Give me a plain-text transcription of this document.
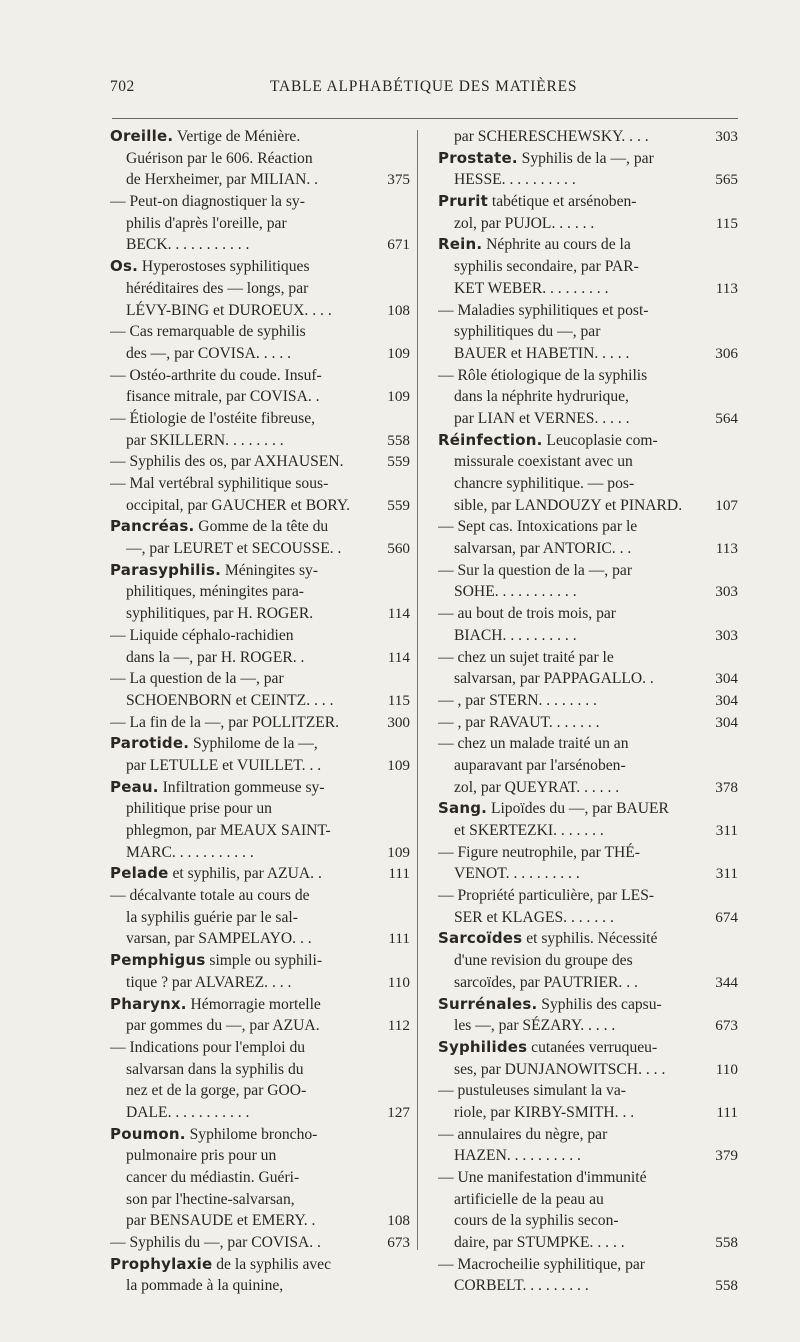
702	TABLE ALPHABÉTIQUE DES MATIÈRES
Oreille. Vertige de Ménière.
Guérison par le 606. Réaction
de Herxheimer, par MILIAN. .	375
— Peut-on diagnostiquer la sy-
philis d'après l'oreille, par
BECK. . . . . . . . . . .	671
Os. Hyperostoses syphilitiques
héréditaires des — longs, par
LÉVY-BING et DUROEUX. . . .	108
— Cas remarquable de syphilis
des —, par COVISA. . . . .	109
— Ostéo-arthrite du coude. Insuf-
fisance mitrale, par COVISA. .	109
— Étiologie de l'ostéite fibreuse,
par SKILLERN. . . . . . . .	558
— Syphilis des os, par AXHAUSEN.	559
— Mal vertébral syphilitique sous-
occipital, par GAUCHER et BORY.	559
Pancréas. Gomme de la tête du
—, par LEURET et SECOUSSE. .	560
Parasyphilis. Méningites sy-
philitiques, méningites para-
syphilitiques, par H. ROGER.	114
— Liquide céphalo-rachidien
dans la —, par H. ROGER. .	114
— La question de la —, par
SCHOENBORN et CEINTZ. . . .	115
— La fin de la —, par POLLITZER.	300
Parotide. Syphilome de la —,
par LETULLE et VUILLET. . .	109
Peau. Infiltration gommeuse sy-
philitique prise pour un
phlegmon, par MEAUX SAINT-
MARC. . . . . . . . . . .	109
Pelade et syphilis, par AZUA. .	111
— décalvante totale au cours de
la syphilis guérie par le sal-
varsan, par SAMPELAYO. . .	111
Pemphigus simple ou syphili-
tique ? par ALVAREZ. . . .	110
Pharynx. Hémorragie mortelle
par gommes du —, par AZUA.	112
— Indications pour l'emploi du
salvarsan dans la syphilis du
nez et de la gorge, par GOO-
DALE. . . . . . . . . . .	127
Poumon. Syphilome broncho-
pulmonaire pris pour un
cancer du médiastin. Guéri-
son par l'hectine-salvarsan,
par BENSAUDE et EMERY. .	108
— Syphilis du —, par COVISA. .	673
Prophylaxie de la syphilis avec
la pommade à la quinine,
par SCHERESCHEWSKY. . . .	303
Prostate. Syphilis de la —, par
HESSE. . . . . . . . . .	565
Prurit tabétique et arsénoben-
zol, par PUJOL. . . . . .	115
Rein. Néphrite au cours de la
syphilis secondaire, par PAR-
KET WEBER. . . . . . . . .	113
— Maladies syphilitiques et post-
syphilitiques du —, par
BAUER et HABETIN. . . . .	306
— Rôle étiologique de la syphilis
dans la néphrite hydrurique,
par LIAN et VERNES. . . . .	564
Réinfection. Leucoplasie com-
missurale coexistant avec un
chancre syphilitique. — pos-
sible, par LANDOUZY et PINARD.	107
— Sept cas. Intoxications par le
salvarsan, par ANTORIC. . .	113
— Sur la question de la —, par
SOHE. . . . . . . . . . .	303
— au bout de trois mois, par
BIACH. . . . . . . . . .	303
— chez un sujet traité par le
salvarsan, par PAPPAGALLO. .	304
— , par STERN. . . . . . . .	304
— , par RAVAUT. . . . . . .	304
— chez un malade traité un an
auparavant par l'arsénoben-
zol, par QUEYRAT. . . . . .	378
Sang. Lipoïdes du —, par BAUER
et SKERTEZKI. . . . . . .	311
— Figure neutrophile, par THÉ-
VENOT. . . . . . . . . .	311
— Propriété particulière, par LES-
SER et KLAGES. . . . . . .	674
Sarcoïdes et syphilis. Nécessité
d'une revision du groupe des
sarcoïdes, par PAUTRIER. . .	344
Surrénales. Syphilis des capsu-
les —, par SÉZARY. . . . .	673
Syphilides cutanées verruqueu-
ses, par DUNJANOWITSCH. . . .	110
— pustuleuses simulant la va-
riole, par KIRBY-SMITH. . .	111
— annulaires du nègre, par
HAZEN. . . . . . . . . .	379
— Une manifestation d'immunité
artificielle de la peau au
cours de la syphilis secon-
daire, par STUMPKE. . . . .	558
— Macrocheilie syphilitique, par
CORBELT. . . . . . . . .	558
